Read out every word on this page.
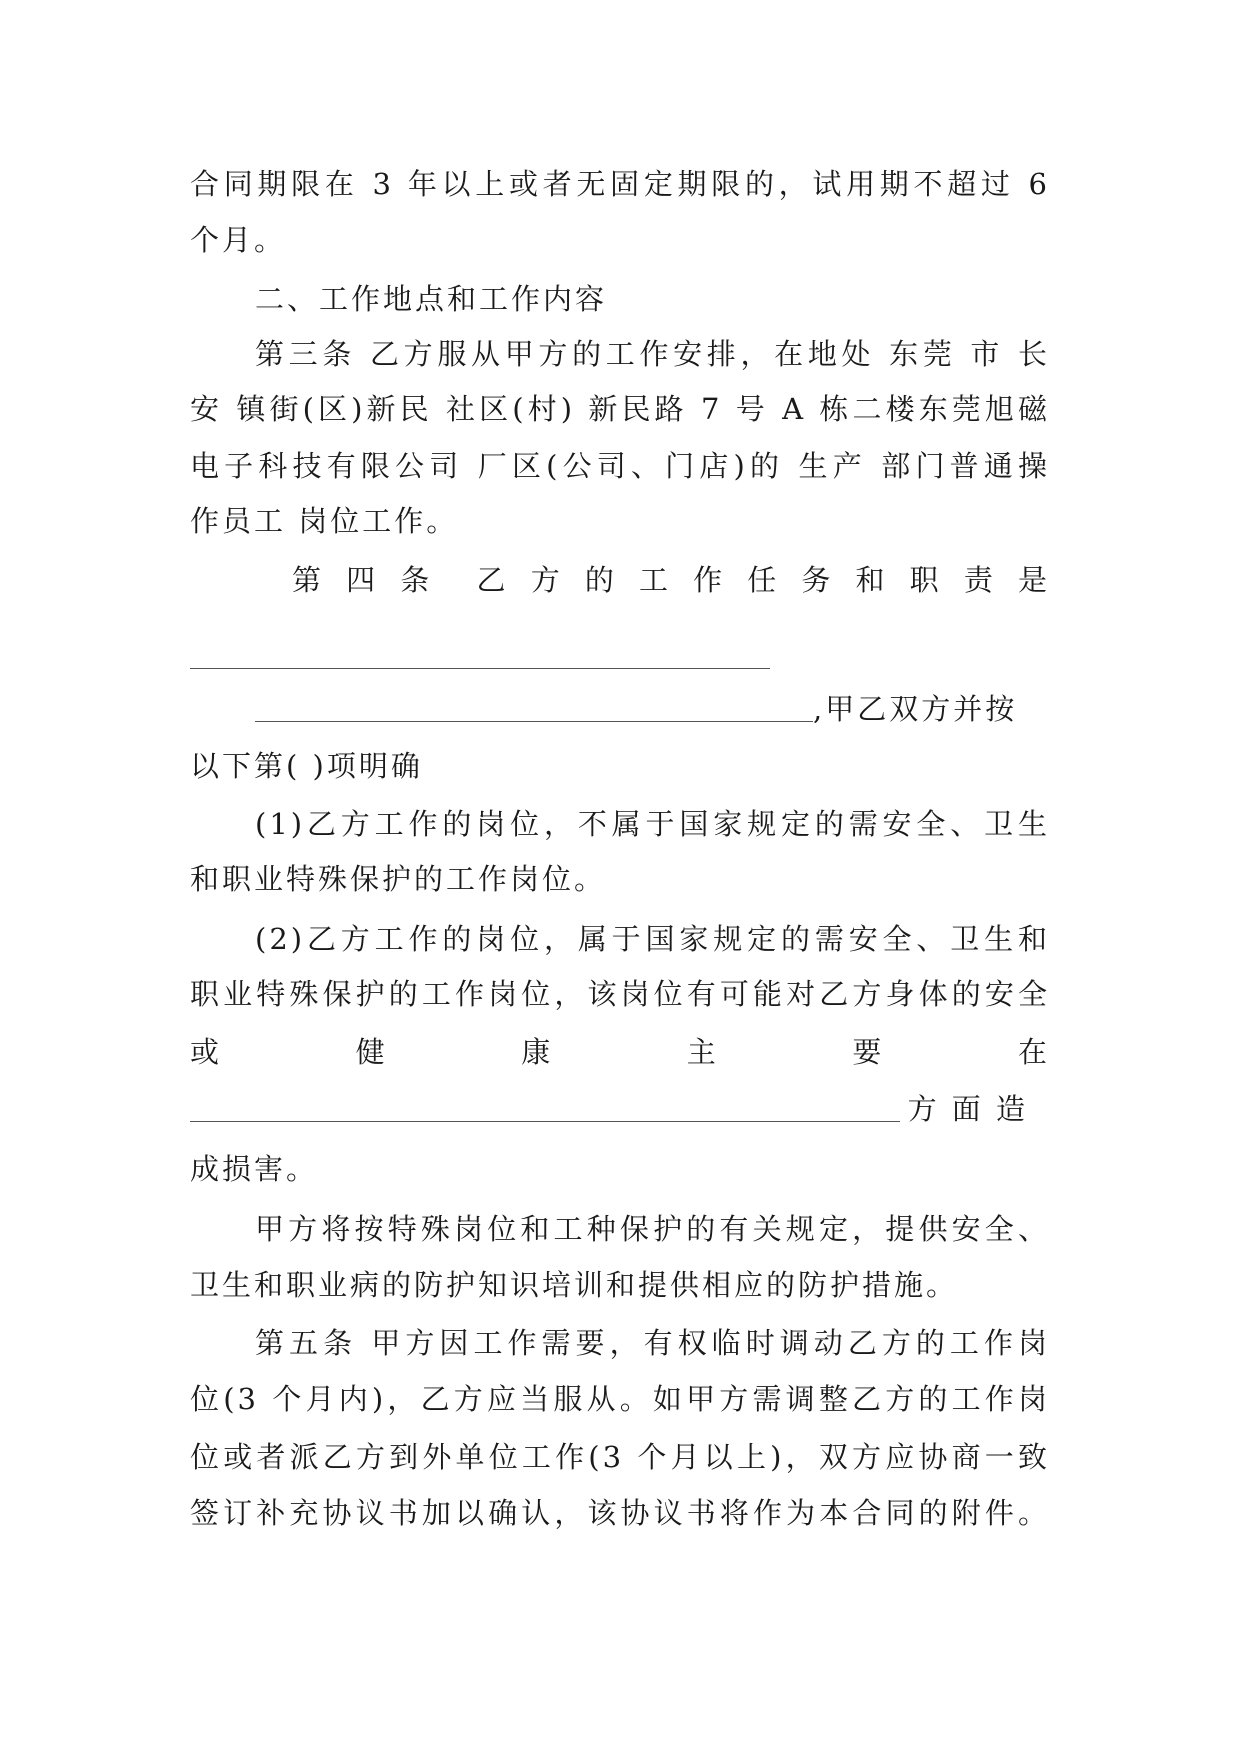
合同期限在 3 年以上或者无固定期限的，试用期不超过 6
个月。
二、工作地点和工作内容
第三条 乙方服从甲方的工作安排，在地处 东莞 市 长
安 镇街(区)新民 社区(村) 新民路 7 号 A 栋二楼东莞旭磁
电子科技有限公司 厂区(公司、门店)的 生产 部门普通操
作员工 岗位工作。
第 四 条 乙 方 的 工 作 任 务 和 职 责 是
,甲乙双方并按
以下第( )项明确
(1)乙方工作的岗位，不属于国家规定的需安全、卫生
和职业特殊保护的工作岗位。
(2)乙方工作的岗位，属于国家规定的需安全、卫生和
职业特殊保护的工作岗位，该岗位有可能对乙方身体的安全
或	健	康	主	要	在
方 面 造
成损害。
甲方将按特殊岗位和工种保护的有关规定，提供安全、
卫生和职业病的防护知识培训和提供相应的防护措施。
第五条 甲方因工作需要，有权临时调动乙方的工作岗
位(3 个月内)，乙方应当服从。如甲方需调整乙方的工作岗
位或者派乙方到外单位工作(3 个月以上)，双方应协商一致
签订补充协议书加以确认，该协议书将作为本合同的附件。
